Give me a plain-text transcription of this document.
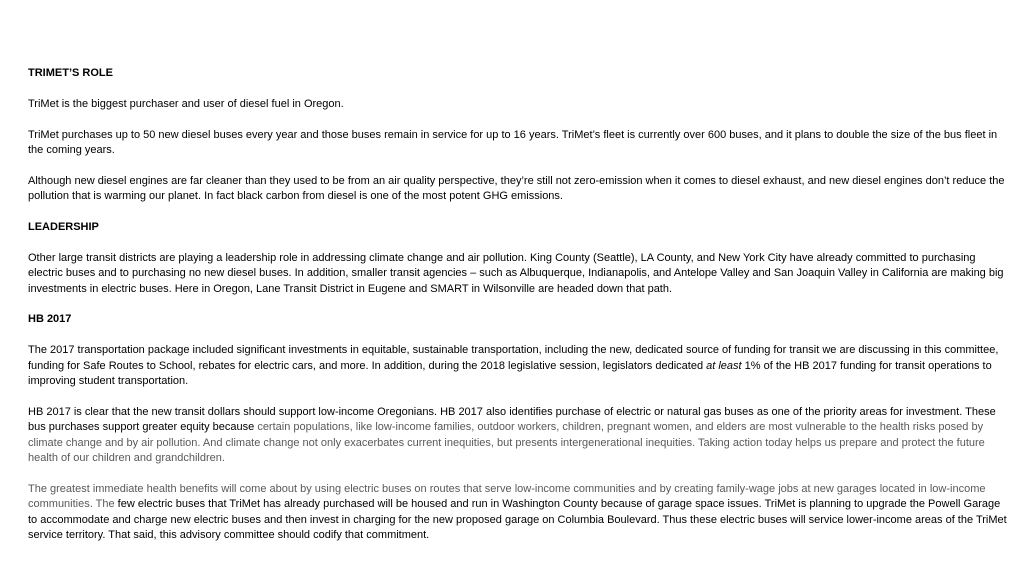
TRIMET’S ROLE

TriMet is the biggest purchaser and user of diesel fuel in Oregon.

TriMet purchases up to 50 new diesel buses every year and those buses remain in service for up to 16 years. TriMet’s fleet is currently over 600 buses, and it plans to double the size of the bus fleet in the coming years.

Although new diesel engines are far cleaner than they used to be from an air quality perspective, they’re still not zero-emission when it comes to diesel exhaust, and new diesel engines don’t reduce the pollution that is warming our planet. In fact black carbon from diesel is one of the most potent GHG emissions.

LEADERSHIP

Other large transit districts are playing a leadership role in addressing climate change and air pollution. King County (Seattle), LA County, and New York City have already committed to purchasing electric buses and to purchasing no new diesel buses. In addition, smaller transit agencies – such as Albuquerque, Indianapolis, and Antelope Valley and San Joaquin Valley in California are making big investments in electric buses. Here in Oregon, Lane Transit District in Eugene and SMART in Wilsonville are headed down that path.

HB 2017

The 2017 transportation package included significant investments in equitable, sustainable transportation, including the new, dedicated source of funding for transit we are discussing in this committee, funding for Safe Routes to School, rebates for electric cars, and more. In addition, during the 2018 legislative session, legislators dedicated at least 1% of the HB 2017 funding for transit operations to improving student transportation.

HB 2017 is clear that the new transit dollars should support low-income Oregonians. HB 2017 also identifies purchase of electric or natural gas buses as one of the priority areas for investment. These bus purchases support greater equity because certain populations, like low-income families, outdoor workers, children, pregnant women, and elders are most vulnerable to the health risks posed by climate change and by air pollution. And climate change not only exacerbates current inequities, but presents intergenerational inequities. Taking action today helps us prepare and protect the future health of our children and grandchildren.

The greatest immediate health benefits will come about by using electric buses on routes that serve low-income communities and by creating family-wage jobs at new garages located in low-income communities. The few electric buses that TriMet has already purchased will be housed and run in Washington County because of garage space issues. TriMet is planning to upgrade the Powell Garage to accommodate and charge new electric buses and then invest in charging for the new proposed garage on Columbia Boulevard. Thus these electric buses will service lower-income areas of the TriMet service territory. That said, this advisory committee should codify that commitment.
